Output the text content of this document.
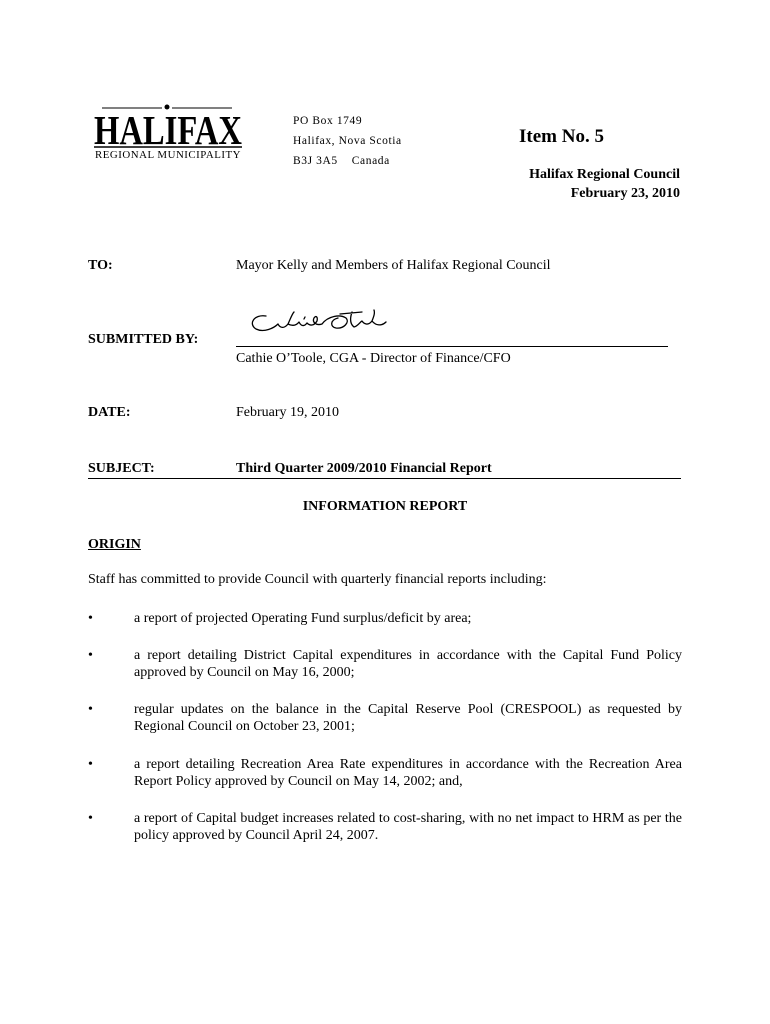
HALIFAX
REGIONAL MUNICIPALITY
PO Box 1749
Halifax, Nova Scotia
B3J 3A5 Canada
Item No. 5
Halifax Regional Council
February 23, 2010
TO:	Mayor Kelly and Members of Halifax Regional Council
SUBMITTED BY:
Cathie O’Toole, CGA - Director of Finance/CFO
DATE:	February 19, 2010
SUBJECT:	Third Quarter 2009/2010 Financial Report
INFORMATION REPORT
ORIGIN
Staff has committed to provide Council with quarterly financial reports including:
•	a report of projected Operating Fund surplus/deficit by area;
•	a report detailing District Capital expenditures in accordance with the Capital Fund Policy approved by Council on May 16, 2000;
•	regular updates on the balance in the Capital Reserve Pool (CRESPOOL) as requested by Regional Council on October 23, 2001;
•	a report detailing Recreation Area Rate expenditures in accordance with the Recreation Area Report Policy approved by Council on May 14, 2002; and,
•	a report of Capital budget increases related to cost-sharing, with no net impact to HRM as per the policy approved by Council April 24, 2007.
